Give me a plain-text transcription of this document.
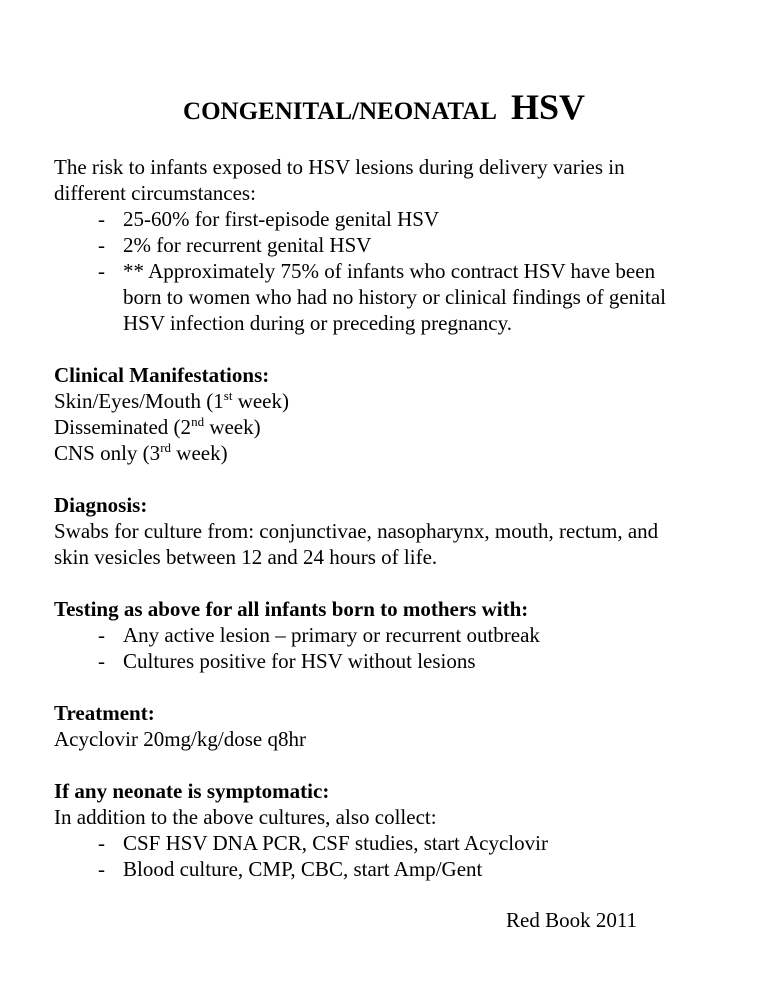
CONGENITAL/NEONATAL HSV
The risk to infants exposed to HSV lesions during delivery varies in
different circumstances:
- 25-60% for first-episode genital HSV
- 2% for recurrent genital HSV
- ** Approximately 75% of infants who contract HSV have been
born to women who had no history or clinical findings of genital
HSV infection during or preceding pregnancy.
Clinical Manifestations:
Skin/Eyes/Mouth (1st week)
Disseminated (2nd week)
CNS only (3rd week)
Diagnosis:
Swabs for culture from: conjunctivae, nasopharynx, mouth, rectum, and
skin vesicles between 12 and 24 hours of life.
Testing as above for all infants born to mothers with:
- Any active lesion – primary or recurrent outbreak
- Cultures positive for HSV without lesions
Treatment:
Acyclovir 20mg/kg/dose q8hr
If any neonate is symptomatic:
In addition to the above cultures, also collect:
- CSF HSV DNA PCR, CSF studies, start Acyclovir
- Blood culture, CMP, CBC, start Amp/Gent
Red Book 2011
